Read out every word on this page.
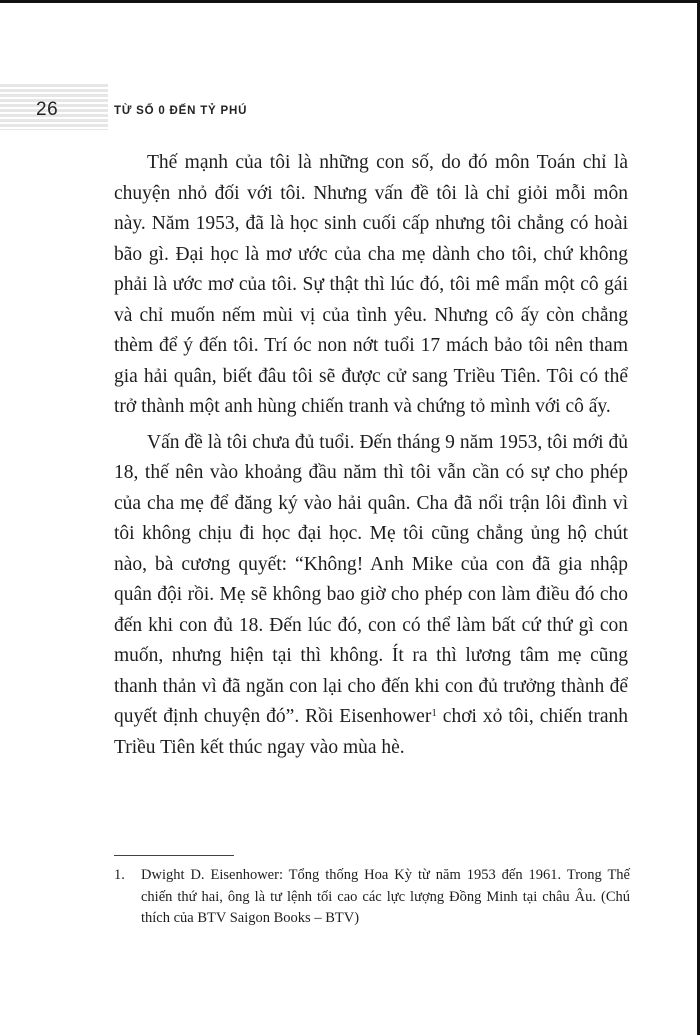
26	TỪ SỐ 0 ĐẾN TỶ PHÚ

Thế mạnh của tôi là những con số, do đó môn Toán chỉ là chuyện nhỏ đối với tôi. Nhưng vấn đề tôi là chỉ giỏi mỗi môn này. Năm 1953, đã là học sinh cuối cấp nhưng tôi chẳng có hoài bão gì. Đại học là mơ ước của cha mẹ dành cho tôi, chứ không phải là ước mơ của tôi. Sự thật thì lúc đó, tôi mê mẩn một cô gái và chỉ muốn nếm mùi vị của tình yêu. Nhưng cô ấy còn chẳng thèm để ý đến tôi. Trí óc non nớt tuổi 17 mách bảo tôi nên tham gia hải quân, biết đâu tôi sẽ được cử sang Triều Tiên. Tôi có thể trở thành một anh hùng chiến tranh và chứng tỏ mình với cô ấy.

Vấn đề là tôi chưa đủ tuổi. Đến tháng 9 năm 1953, tôi mới đủ 18, thế nên vào khoảng đầu năm thì tôi vẫn cần có sự cho phép của cha mẹ để đăng ký vào hải quân. Cha đã nổi trận lôi đình vì tôi không chịu đi học đại học. Mẹ tôi cũng chẳng ủng hộ chút nào, bà cương quyết: “Không! Anh Mike của con đã gia nhập quân đội rồi. Mẹ sẽ không bao giờ cho phép con làm điều đó cho đến khi con đủ 18. Đến lúc đó, con có thể làm bất cứ thứ gì con muốn, nhưng hiện tại thì không. Ít ra thì lương tâm mẹ cũng thanh thản vì đã ngăn con lại cho đến khi con đủ trưởng thành để quyết định chuyện đó”. Rồi Eisenhower$^1$ chơi xỏ tôi, chiến tranh Triều Tiên kết thúc ngay vào mùa hè.

1. Dwight D. Eisenhower: Tổng thống Hoa Kỳ từ năm 1953 đến 1961. Trong Thế chiến thứ hai, ông là tư lệnh tối cao các lực lượng Đồng Minh tại châu Âu. (Chú thích của BTV Saigon Books – BTV)
